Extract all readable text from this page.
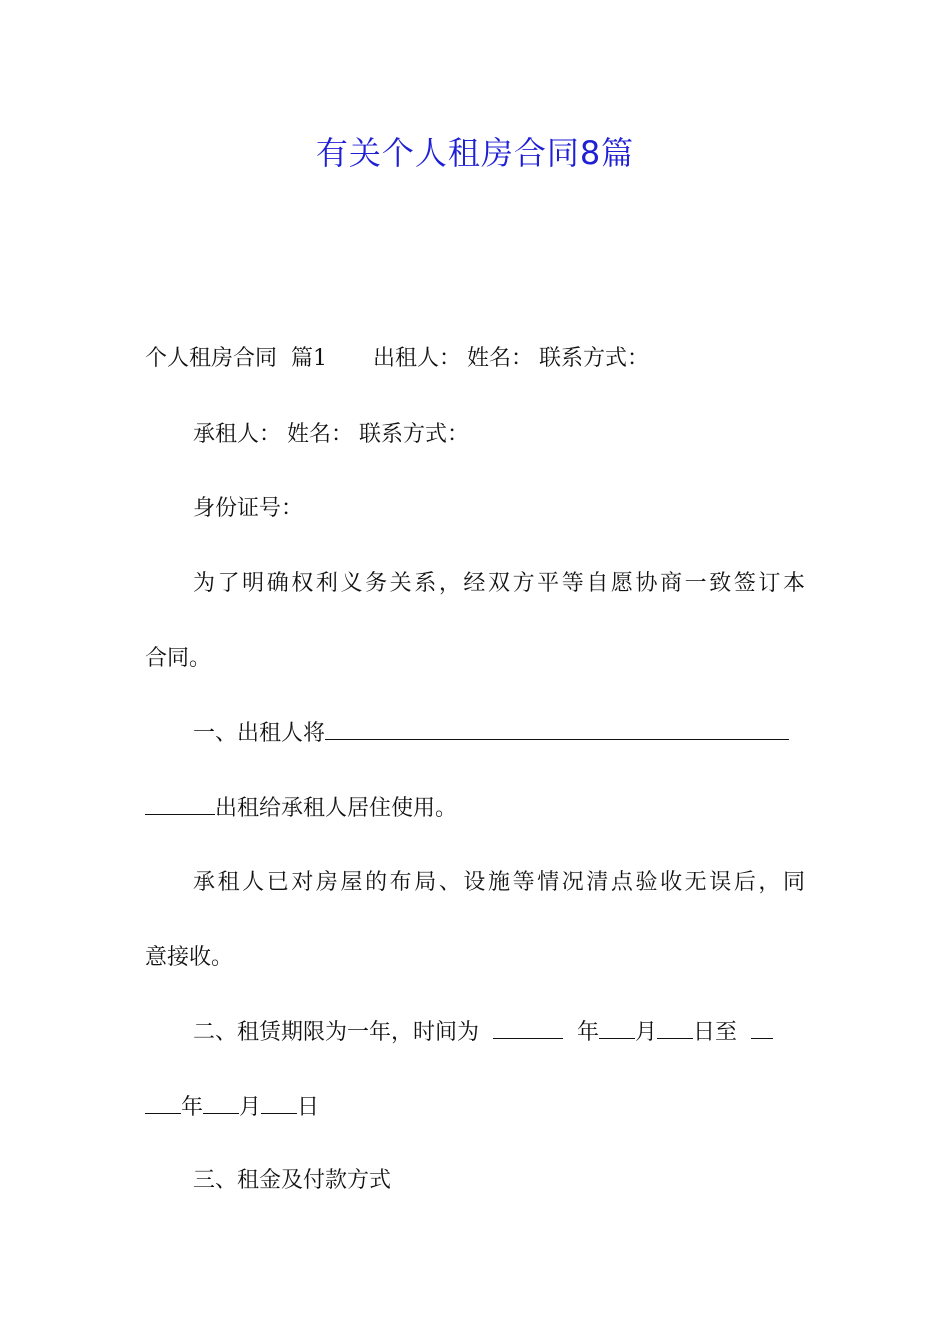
有关个人租房合同8篇
个人租房合同 篇1 出租人： 姓名： 联系方式：
承租人： 姓名： 联系方式：
身份证号：
为了明确权利义务关系，经双方平等自愿协商一致签订本
合同。
一、出租人将
出租给承租人居住使用。
承租人已对房屋的布局、设施等情况清点验收无误后，同
意接收。
二、租赁期限为一年，时间为	年 月 日至
年 月 日
三、租金及付款方式
